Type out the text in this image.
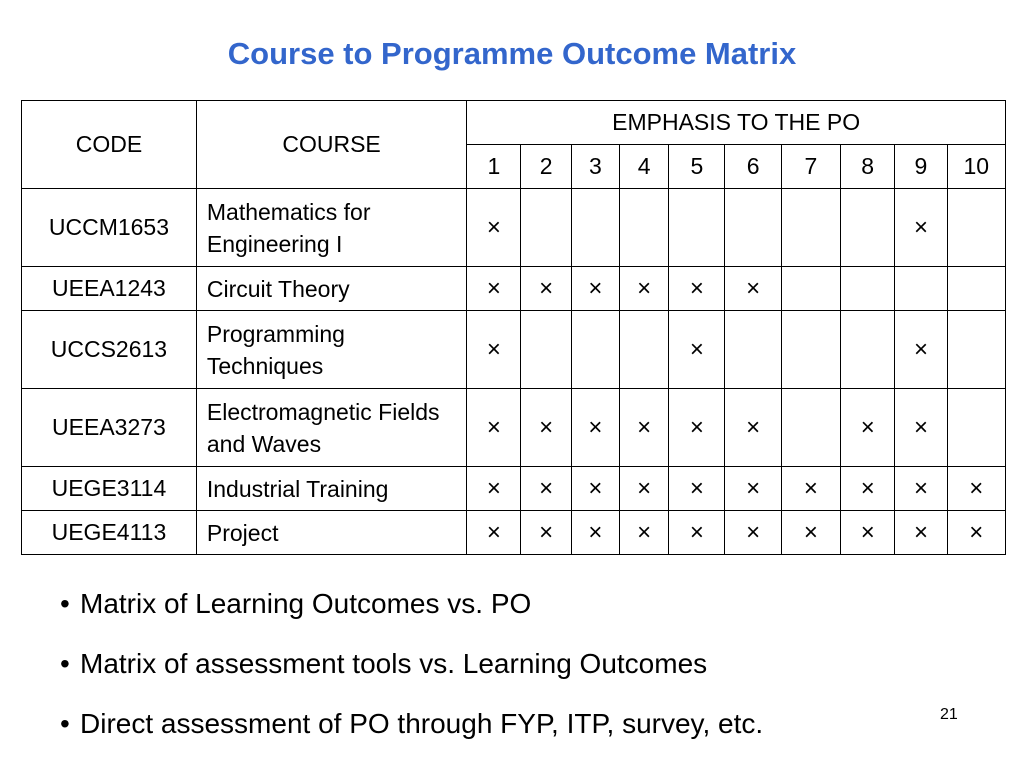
Course to Programme Outcome Matrix
CODE	COURSE	EMPHASIS TO THE PO									
		1	2	3	4	5	6	7	8	9	10
UCCM1653	Mathematics for Engineering I	×								×	
UEEA1243	Circuit Theory	×	×	×	×	×	×				
UCCS2613	Programming Techniques	×				×				×	
UEEA3273	Electromagnetic Fields and Waves	×	×	×	×	×	×		×	×	
UEGE3114	Industrial Training	×	×	×	×	×	×	×	×	×	×
UEGE4113	Project	×	×	×	×	×	×	×	×	×	×
• Matrix of Learning Outcomes vs. PO
• Matrix of assessment tools vs. Learning Outcomes
• Direct assessment of PO through FYP, ITP, survey, etc.	21
